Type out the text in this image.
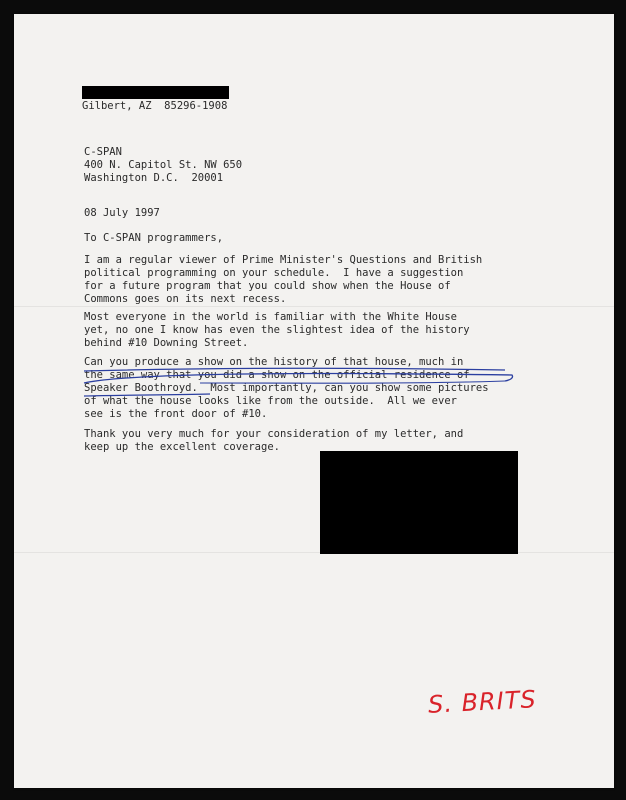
Gilbert, AZ  85296-1908
C-SPAN
400 N. Capitol St. NW 650
Washington D.C.  20001
08 July 1997
To C-SPAN programmers,
I am a regular viewer of Prime Minister's Questions and British
political programming on your schedule.  I have a suggestion
for a future program that you could show when the House of
Commons goes on its next recess.
Most everyone in the world is familiar with the White House
yet, no one I know has even the slightest idea of the history
behind #10 Downing Street.
Can you produce a show on the history of that house, much in
the same way that you did a show on the official residence of
Speaker Boothroyd.  Most importantly, can you show some pictures
of what the house looks like from the outside.  All we ever
see is the front door of #10.
Thank you very much for your consideration of my letter, and
keep up the excellent coverage.
S. BRITS
